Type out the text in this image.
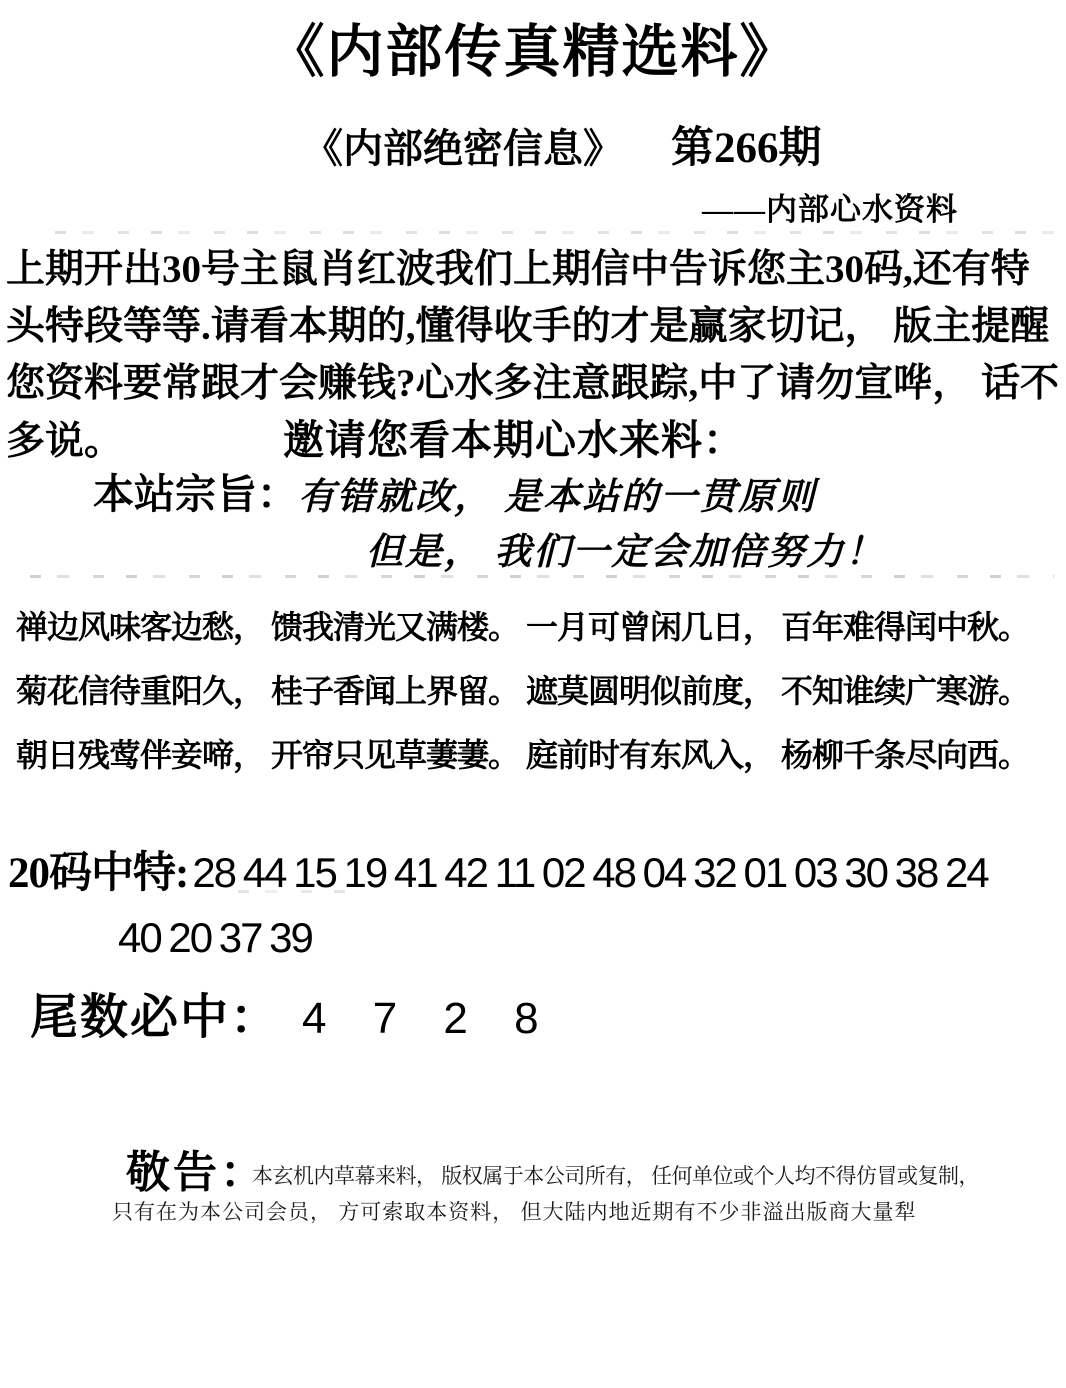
《内部传真精选料》
《内部绝密信息》 第266期
——内部心水资料
上期开出30号主鼠肖红波我们上期信中告诉您主30码,还有特
头特段等等.请看本期的,懂得收手的才是赢家切记， 版主提醒
您资料要常跟才会赚钱?心水多注意跟踪,中了请勿宣哗， 话不
多说。	邀请您看本期心水来料：
本站宗旨： 有错就改， 是本站的一贯原则
但是， 我们一定会加倍努力！
禅边风味客边愁， 馈我清光又满楼。 一月可曾闲几日， 百年难得闰中秋。
菊花信待重阳久， 桂子香闻上界留。 遮莫圆明似前度， 不知谁续广寒游。
朝日残莺伴妾啼， 开帘只见草萋萋。 庭前时有东风入， 杨柳千条尽向西。
20码中特: 28 44 15 19 41 42 11 02 48 04 32 01 03 30 38 24
40 20 37 39
尾数必中： 4 7 2 8
敬告：
本玄机内草幕来料， 版权属于本公司所有， 任何单位或个人均不得仿冒或复制，
只有在为本公司会员， 方可索取本资料， 但大陆内地近期有不少非溢出版商大量犁
